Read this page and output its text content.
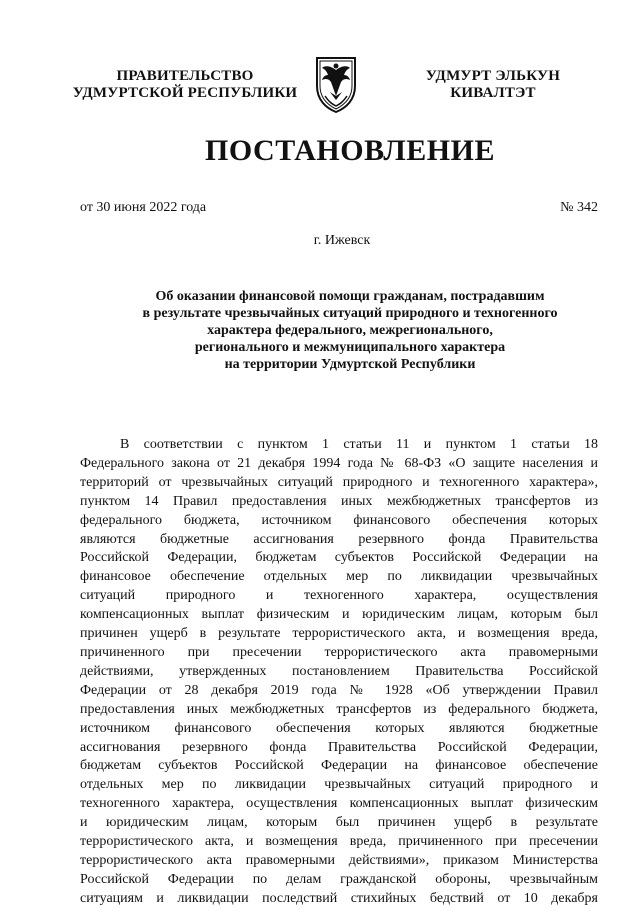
ПРАВИТЕЛЬСТВО
УДМУРТСКОЙ РЕСПУБЛИКИ
УДМУРТ ЭЛЬКУН
КИВАЛТЭТ
ПОСТАНОВЛЕНИЕ
от 30 июня 2022 года	№ 342
г. Ижевск
Об оказании финансовой помощи гражданам, пострадавшим
в результате чрезвычайных ситуаций природного и техногенного
характера федерального, межрегионального,
регионального и межмуниципального характера
на территории Удмуртской Республики
В соответствии с пунктом 1 статьи 11 и пунктом 1 статьи 18
Федерального закона от 21 декабря 1994 года № 68-ФЗ «О защите населения и
территорий от чрезвычайных ситуаций природного и техногенного характера»,
пунктом 14 Правил предоставления иных межбюджетных трансфертов из
федерального бюджета, источником финансового обеспечения которых
являются бюджетные ассигнования резервного фонда Правительства
Российской Федерации, бюджетам субъектов Российской Федерации на
финансовое обеспечение отдельных мер по ликвидации чрезвычайных
ситуаций природного и техногенного характера, осуществления
компенсационных выплат физическим и юридическим лицам, которым был
причинен ущерб в результате террористического акта, и возмещения вреда,
причиненного при пресечении террористического акта правомерными
действиями, утвержденных постановлением Правительства Российской
Федерации от 28 декабря 2019 года № 1928 «Об утверждении Правил
предоставления иных межбюджетных трансфертов из федерального бюджета,
источником финансового обеспечения которых являются бюджетные
ассигнования резервного фонда Правительства Российской Федерации,
бюджетам субъектов Российской Федерации на финансовое обеспечение
отдельных мер по ликвидации чрезвычайных ситуаций природного и
техногенного характера, осуществления компенсационных выплат физическим
и юридическим лицам, которым был причинен ущерб в результате
террористического акта, и возмещения вреда, причиненного при пресечении
террористического акта правомерными действиями», приказом Министерства
Российской Федерации по делам гражданской обороны, чрезвычайным
ситуациям и ликвидации последствий стихийных бедствий от 10 декабря
